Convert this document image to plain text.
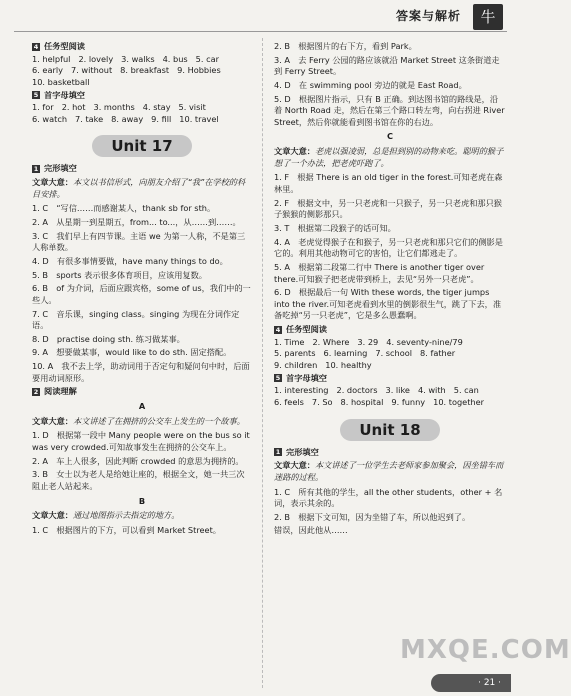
答案与解析	牛
4 任务型阅读
1. helpful 2. lovely 3. walks 4. bus 5. car
6. early 7. without 8. breakfast 9. Hobbies
10. basketball
5 首字母填空
1. for 2. hot 3. months 4. stay 5. visit
6. watch 7. take 8. away 9. fill 10. travel
Unit 17
1 完形填空
文章大意：本文以书信形式，向朋友介绍了“我”在学校的科目安排。
1. C　“写信……而感谢某人，thank sb for sth。
2. A　从星期一到星期五，from... to...，从……到……。
3. C　我们早上有四节课。主语 we 为第一人称，不是第三人称单数。
4. D　有很多事情要做，have many things to do。
5. B　sports 表示很多体育项目，应该用复数。
6. B　of 为介词，后面应跟宾格，some of us，我们中的一些人。
7. C　音乐课，singing class。singing 为现在分词作定语。
8. D　practise doing sth. 练习做某事。
9. A　想要做某事，would like to do sth. 固定搭配。
10. A　我不去上学，助动词用于否定句和疑问句中时，后面要用动词原形。
2 阅读理解
A
文章大意：本文讲述了在拥挤的公交车上发生的一个故事。
1. D　根据第一段中 Many people were on the bus so it was very crowded.可知故事发生在拥挤的公交车上。
2. A　车上人很多，因此判断 crowded 的意思为拥挤的。
3. B　女士以为老人是给她让座的，根据全文，她一共三次阻止老人站起来。
B
文章大意：通过地图指示去指定的地方。
1. C　根据图片的下方，可以看到 Market Street。
2. B　根据图片的右下方，看到 Park。
3. A　去 Ferry 公园的路应该就沿 Market Street 这条街道走到 Ferry Street。
4. D　在 swimming pool 旁边的就是 East Road。
5. D　根据图片指示，只有 B 正确。到达图书馆的路线是，沿着 North Road 走，然后在第三个路口转左弯，向右拐进 River Street，然后你就能看到图书馆在你的右边。
C
文章大意：老虎以强凌弱，总是担到别的动物来吃。聪明的猴子想了一个办法，把老虎吓跑了。
1. F　根据 There is an old tiger in the forest.可知老虎在森林里。
2. F　根据文中，另一只老虎和一只猴子，另一只老虎和那只猴子猴猴的侧影那只。
3. T　根据第二段猴子的话可知。
4. A　老虎觉得猴子在和猴子，另一只老虎和那只它们的侧影是它的。利用其他动物可它的害怕，让它们都逃走了。
5. A　根据第二段第二行中 There is another tiger over there.可知猴子把老虎带到桥上，去见“另外一只老虎”。
6. D　根据最后一句 With these words, the tiger jumps into the river.可知老虎看到水里的倒影很生气，跳了下去，准备吃掉“另一只老虎”，它是多么愚蠢啊。
4 任务型阅读
1. Time 2. Where 3. 29 4. seventy-nine/79
5. parents 6. learning 7. school 8. father
9. children 10. healthy
5 首字母填空
1. interesting 2. doctors 3. like 4. with 5. can
6. feels 7. So 8. hospital 9. funny 10. together
Unit 18
1 完形填空
文章大意：本文讲述了一位学生去老师家参加聚会，因坐错车而迷路的过程。
1. C　所有其他的学生，all the other students，other + 名词，表示其余的。
2. B　根据下文可知，因为坐错了车，所以他迟到了。
错误，因此他从……
MXQE.COM
· 21 ·
